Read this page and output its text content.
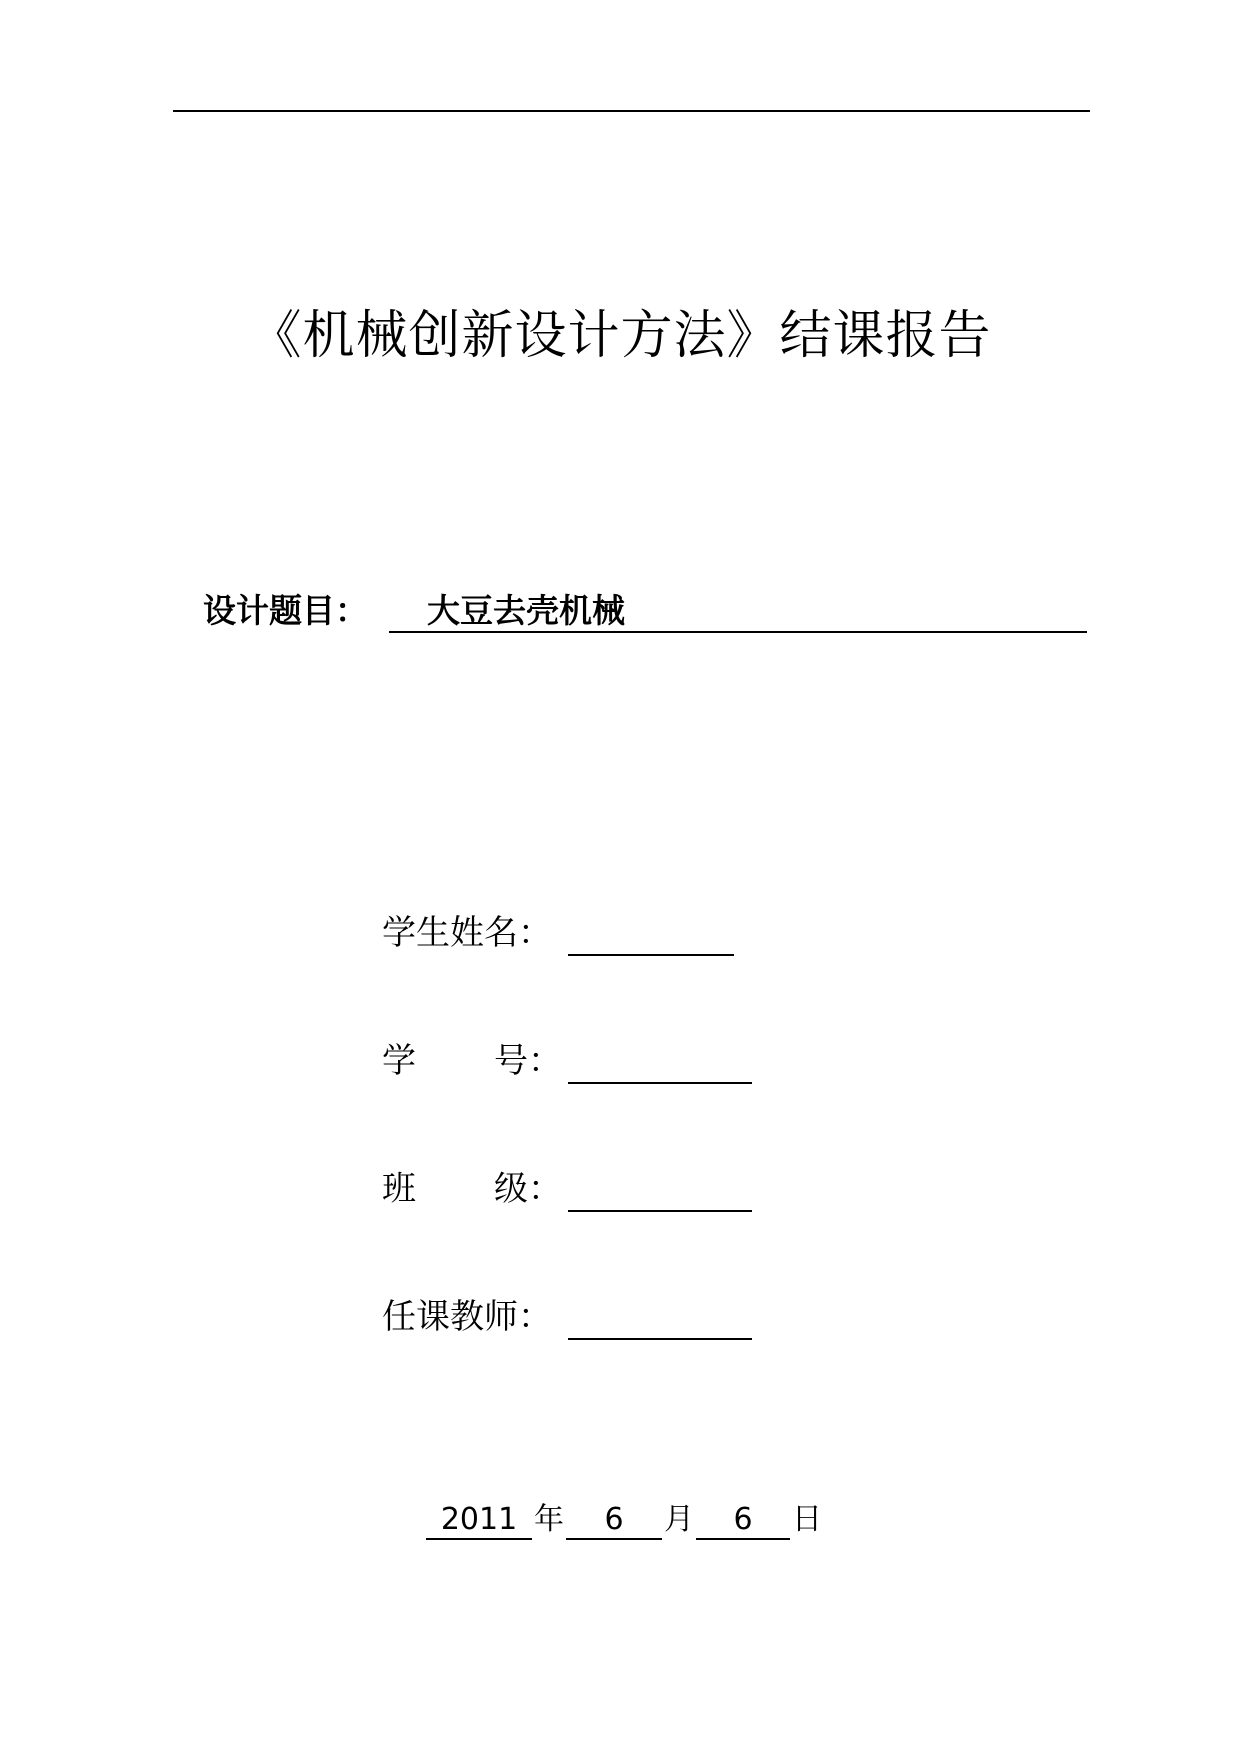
《机械创新设计方法》结课报告
设计题目： 大豆去壳机械
学生姓名：
学 号：
班 级：
任课教师：
2011 年	6	月	6	日
